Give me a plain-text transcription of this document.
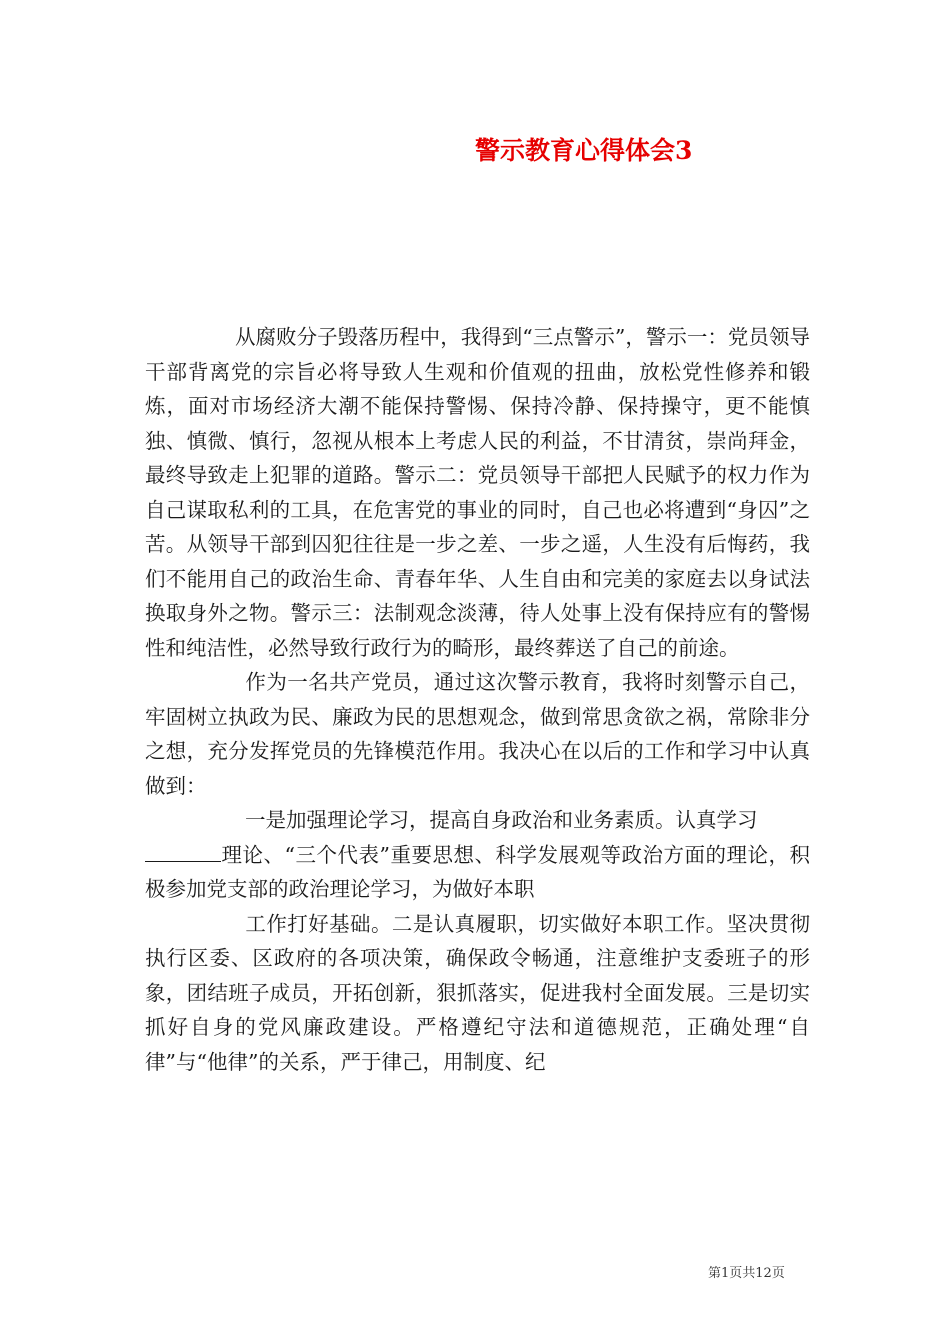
警示教育心得体会3

从腐败分子毁落历程中，我得到“三点警示”，警示一：党员领导干部背离党的宗旨必将导致人生观和价值观的扭曲，放松党性修养和锻炼，面对市场经济大潮不能保持警惕、保持冷静、保持操守，更不能慎独、慎微、慎行，忽视从根本上考虑人民的利益，不甘清贫，崇尚拜金，最终导致走上犯罪的道路。警示二：党员领导干部把人民赋予的权力作为自己谋取私利的工具，在危害党的事业的同时，自己也必将遭到“身囚”之苦。从领导干部到囚犯往往是一步之差、一步之遥，人生没有后悔药，我们不能用自己的政治生命、青春年华、人生自由和完美的家庭去以身试法换取身外之物。警示三：法制观念淡薄，待人处事上没有保持应有的警惕性和纯洁性，必然导致行政行为的畸形，最终葬送了自己的前途。

作为一名共产党员，通过这次警示教育，我将时刻警示自己，牢固树立执政为民、廉政为民的思想观念，做到常思贪欲之祸，常除非分之想，充分发挥党员的先锋模范作用。我决心在以后的工作和学习中认真做到：

一是加强理论学习，提高自身政治和业务素质。认真学习
理论、“三个代表”重要思想、科学发展观等政治方面的理论，积极参加党支部的政治理论学习，为做好本职

工作打好基础。二是认真履职，切实做好本职工作。坚决贯彻执行区委、区政府的各项决策，确保政令畅通，注意维护支委班子的形象，团结班子成员，开拓创新，狠抓落实，促进我村全面发展。三是切实抓好自身的党风廉政建设。严格遵纪守法和道德规范，正确处理“自律”与“他律”的关系，严于律己，用制度、纪

第1页共12页
